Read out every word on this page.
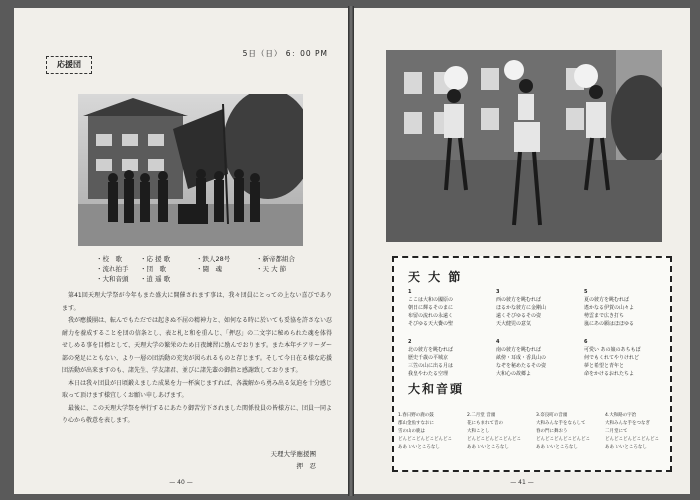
応援団
5日（日） 6：00 PM
・校　歌	・応 援 歌	・鉄人28号	・新帝都組合
・流れ拍手	・団　歌	・闘　魂	・天 大 節
・大和音頭	・逍 遥 歌

第41回天理大学祭が今年もまた盛大に開催されます事は、我々団員にとっての上ない喜びであります。

我が應援團は、転んでもただでは起きぬ不屈の精神力と、如何なる時に於いても妥協を許さない忍耐力を養成することを団の信条とし、表と札と和を重んじ、「押忍」の二文字に秘められた魂を体得せしめる事を目標として、天理大学の繁栄のため日夜練習に励んでおります。また本年チアリーダー部の発足にともない、より一層の団活動の充実が図られるものと存じます。そして今日在る様な応援団活動が出来ますのも、諸先生、学友諸君、並びに諸先輩の御指と感謝致しております。

本日は我々団員が日頃鍛えました成果を力一杯演じますれば、各義解から勇み出る気迫を十分感じ取って頂けます様宜しくお願い申しあげます。

最後に、この天理大学祭を挙行するにあたり御苦労下されました関係役員の皆様方に、団員一同より心から敬意を表します。

天理大学應援團
押　忍
— 40 —
天 大 節
1
ここは大和の國原の
朝日に輝るそのまに
布留の流れの永遠く
そびゆる天大黌の聖
3
西の彼方を眺むれば
ほるかな彼方に金剛山
遠くそびゆるその姿
天大健児の意気
5
夏の彼方を眺むれば
遙かなる伊賀の山々よ
勢雲まで広き打ち
嵐にあの願はほほゆる
2
北の彼方を眺むれば
歴史千歳の平城京
三笠の山に出る月は
我皇やわたる空理
4
南の彼方を眺むれば
畝傍・耳成・香具山の
なぞを秘めたるその姿
大和心の故郷よ
6
可愛い あの娘のあちもぽ
何でもくれてやりけれど
夢と希望と青年と
命をかけるおれたちよ
大和音頭
1.春日野の鹿の鼓
郡山金魚すなおに
雪の山の鹿は
どんどこどんどこどんどこ
ああ いいところなし
2.二月堂 音頭
花にもまれて音の
大和ことし
どんどこどんどこどんどこ
ああ いいところなし
3.奈良町の音頭
大和みんな手をならして
春の門に舞おう
どんどこどんどこどんどこ
ああ いいところなし
4.大和路の宇治
大和みんな手をつなぎ
二月堂にて
どんどこどんどこどんどこ
ああ いいところなし
— 41 —
